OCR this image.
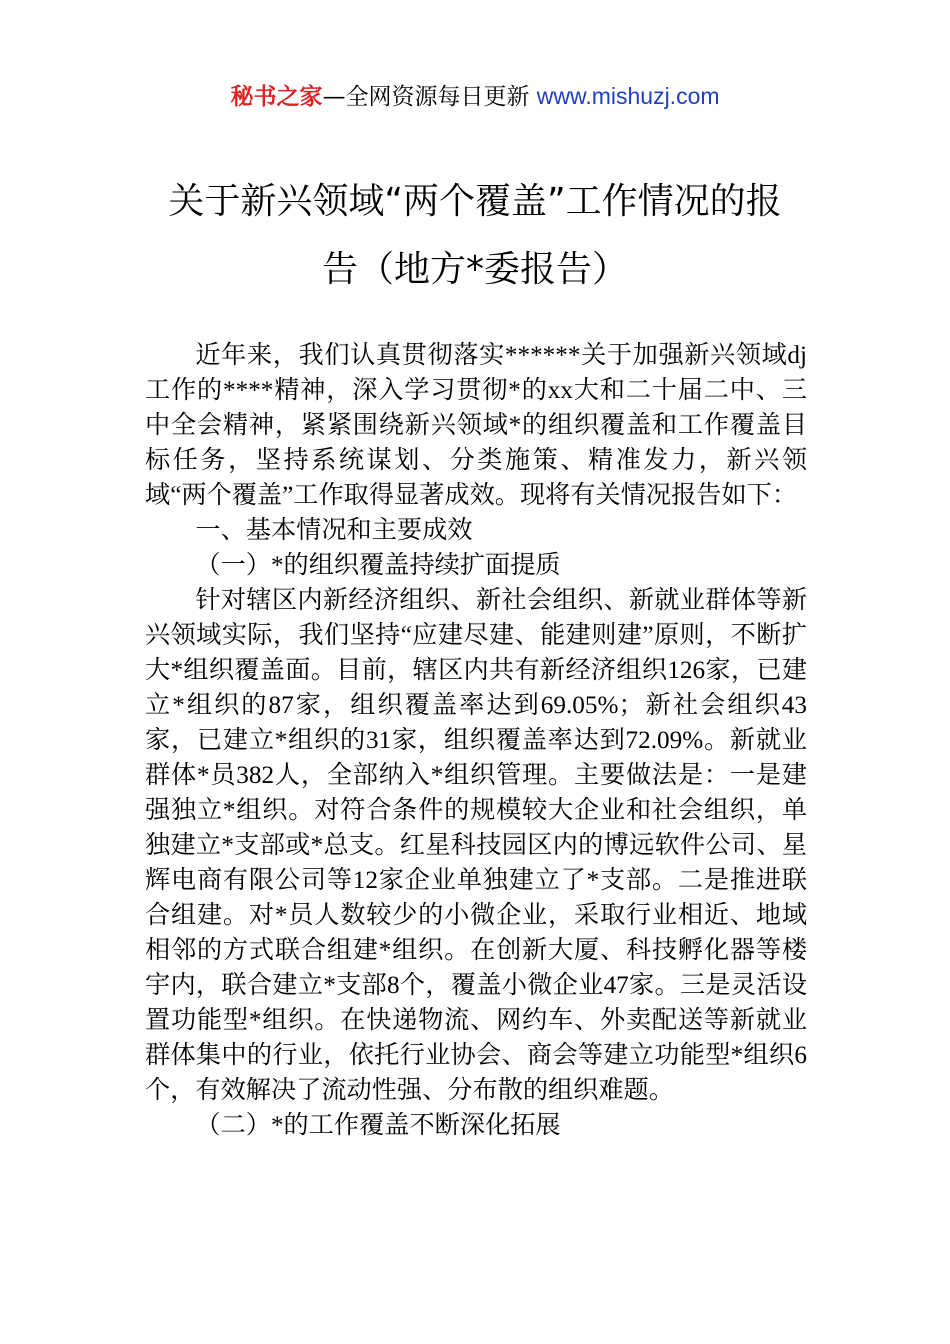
秘书之家—全网资源每日更新 www.mishuzj.com
关于新兴领域“两个覆盖”工作情况的报
告（地方*委报告）

近年来，我们认真贯彻落实******关于加强新兴领域dj工作的****精神，深入学习贯彻*的xx大和二十届二中、三中全会精神，紧紧围绕新兴领域*的组织覆盖和工作覆盖目标任务，坚持系统谋划、分类施策、精准发力，新兴领域“两个覆盖”工作取得显著成效。现将有关情况报告如下：

一、基本情况和主要成效

（一）*的组织覆盖持续扩面提质

针对辖区内新经济组织、新社会组织、新就业群体等新兴领域实际，我们坚持“应建尽建、能建则建”原则，不断扩大*组织覆盖面。目前，辖区内共有新经济组织126家，已建立*组织的87家，组织覆盖率达到69.05%；新社会组织43家，已建立*组织的31家，组织覆盖率达到72.09%。新就业群体*员382人，全部纳入*组织管理。主要做法是：一是建强独立*组织。对符合条件的规模较大企业和社会组织，单独建立*支部或*总支。红星科技园区内的博远软件公司、星辉电商有限公司等12家企业单独建立了*支部。二是推进联合组建。对*员人数较少的小微企业，采取行业相近、地域相邻的方式联合组建*组织。在创新大厦、科技孵化器等楼宇内，联合建立*支部8个，覆盖小微企业47家。三是灵活设置功能型*组织。在快递物流、网约车、外卖配送等新就业群体集中的行业，依托行业协会、商会等建立功能型*组织6个，有效解决了流动性强、分布散的组织难题。

（二）*的工作覆盖不断深化拓展
